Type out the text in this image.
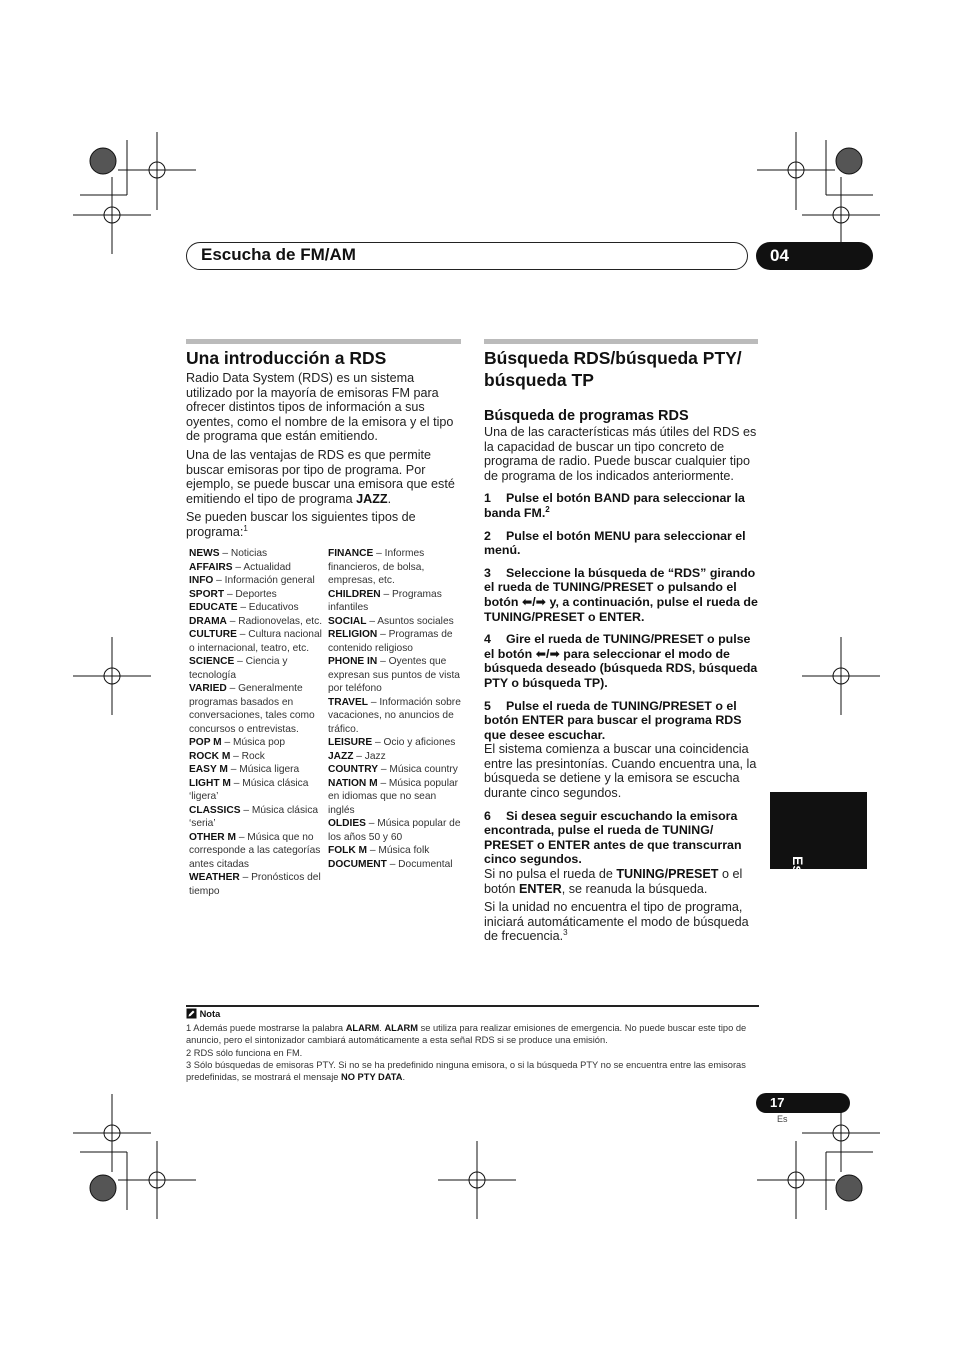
Escucha de FM/AM	04
Una introducción a RDS

Radio Data System (RDS) es un sistema utilizado por la mayoría de emisoras FM para ofrecer distintos tipos de información a sus oyentes, como el nombre de la emisora y el tipo de programa que están emitiendo.

Una de las ventajas de RDS es que permite buscar emisoras por tipo de programa. Por ejemplo, se puede buscar una emisora que esté emitiendo el tipo de programa JAZZ.

Se pueden buscar los siguientes tipos de programa:$^1$

NEWS – Noticias

AFFAIRS – Actualidad

INFO – Información general

SPORT – Deportes

EDUCATE – Educativos

DRAMA – Radionovelas, etc.

CULTURE – Cultura nacional o internacional, teatro, etc.

SCIENCE – Ciencia y tecnología

VARIED – Generalmente programas basados en conversaciones, tales como concursos o entrevistas.

POP M – Música pop

ROCK M – Rock

EASY M – Música ligera

LIGHT M – Música clásica ‘ligera’

CLASSICS – Música clásica ‘seria’

OTHER M – Música que no corresponde a las categorías antes citadas

WEATHER – Pronósticos del tiempo

FINANCE – Informes financieros, de bolsa, empresas, etc.

CHILDREN – Programas infantiles

SOCIAL – Asuntos sociales

RELIGION – Programas de contenido religioso

PHONE IN – Oyentes que expresan sus puntos de vista por teléfono

TRAVEL – Información sobre vacaciones, no anuncios de tráfico.

LEISURE – Ocio y aficiones

JAZZ – Jazz

COUNTRY – Música country

NATION M – Música popular en idiomas que no sean inglés

OLDIES – Música popular de los años 50 y 60

FOLK M – Música folk

DOCUMENT – Documental

Búsqueda RDS/búsqueda PTY/
búsqueda TP
Búsqueda de programas RDS

Una de las características más útiles del RDS es la capacidad de buscar un tipo concreto de programa de radio. Puede buscar cualquier tipo de programa de los indicados anteriormente.

1 Pulse el botón BAND para seleccionar la banda FM.$^2$

2 Pulse el botón MENU para seleccionar el menú.

3 Seleccione la búsqueda de “RDS” girando el rueda de TUNING/PRESET o pulsando el botón ⬅/➡ y, a continuación, pulse el rueda de TUNING/PRESET o ENTER.

4 Gire el rueda de TUNING/PRESET o pulse el botón ⬅/➡ para seleccionar el modo de búsqueda deseado (búsqueda RDS, búsqueda PTY o búsqueda TP).

5 Pulse el rueda de TUNING/PRESET o el botón ENTER para buscar el programa RDS que desee escuchar.

El sistema comienza a buscar una coincidencia entre las presintonías. Cuando encuentra una, la búsqueda se detiene y la emisora se escucha durante cinco segundos.

6 Si desea seguir escuchando la emisora encontrada, pulse el rueda de TUNING/ PRESET o ENTER antes de que transcurran cinco segundos.

Si no pulsa el rueda de TUNING/PRESET o el botón ENTER, se reanuda la búsqueda.

Si la unidad no encuentra el tipo de programa, iniciará automáticamente el modo de búsqueda de frecuencia.$^3$

Español

Nota

1 Además puede mostrarse la palabra ALARM. ALARM se utiliza para realizar emisiones de emergencia. No puede buscar este tipo de anuncio, pero el sintonizador cambiará automáticamente a esta señal RDS si se produce una emisión.

2 RDS sólo funciona en FM.

3 Sólo búsquedas de emisoras PTY. Si no se ha predefinido ninguna emisora, o si la búsqueda PTY no se encuentra entre las emisoras predefinidas, se mostrará el mensaje NO PTY DATA.

17
Es
